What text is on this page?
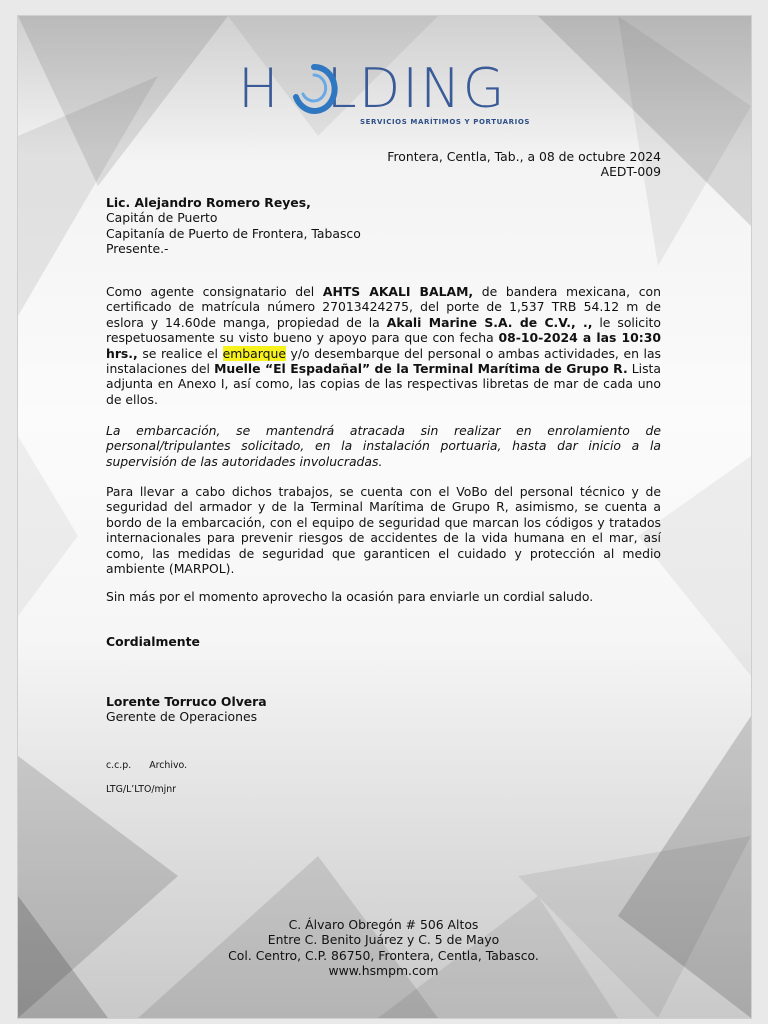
H LDING
SERVICIOS MARÍTIMOS Y PORTUARIOS
Frontera, Centla, Tab., a 08 de octubre 2024
AEDT-009
Lic. Alejandro Romero Reyes,
Capitán de Puerto
Capitanía de Puerto de Frontera, Tabasco
Presente.-
Como agente consignatario del AHTS AKALI BALAM, de bandera mexicana, con certificado de matrícula número 27013424275, del porte de 1,537 TRB 54.12 m de eslora y 14.60de manga, propiedad de la Akali Marine S.A. de C.V., ., le solicito respetuosamente su visto bueno y apoyo para que con fecha 08-10-2024 a las 10:30 hrs., se realice el embarque y/o desembarque del personal o ambas actividades, en las instalaciones del Muelle “El Espadañal” de la Terminal Marítima de Grupo R. Lista adjunta en Anexo I, así como, las copias de las respectivas libretas de mar de cada uno de ellos.
La embarcación, se mantendrá atracada sin realizar en enrolamiento de personal/tripulantes solicitado, en la instalación portuaria, hasta dar inicio a la supervisión de las autoridades involucradas.
Para llevar a cabo dichos trabajos, se cuenta con el VoBo del personal técnico y de seguridad del armador y de la Terminal Marítima de Grupo R, asimismo, se cuenta a bordo de la embarcación, con el equipo de seguridad que marcan los códigos y tratados internacionales para prevenir riesgos de accidentes de la vida humana en el mar, así como, las medidas de seguridad que garanticen el cuidado y protección al medio ambiente (MARPOL).
Sin más por el momento aprovecho la ocasión para enviarle un cordial saludo.
Cordialmente
Lorente Torruco Olvera
Gerente de Operaciones
c.c.p. Archivo.
LTG/L’LTO/mjnr
C. Álvaro Obregón # 506 Altos
Entre C. Benito Juárez y C. 5 de Mayo
Col. Centro, C.P. 86750, Frontera, Centla, Tabasco.
www.hsmpm.com
